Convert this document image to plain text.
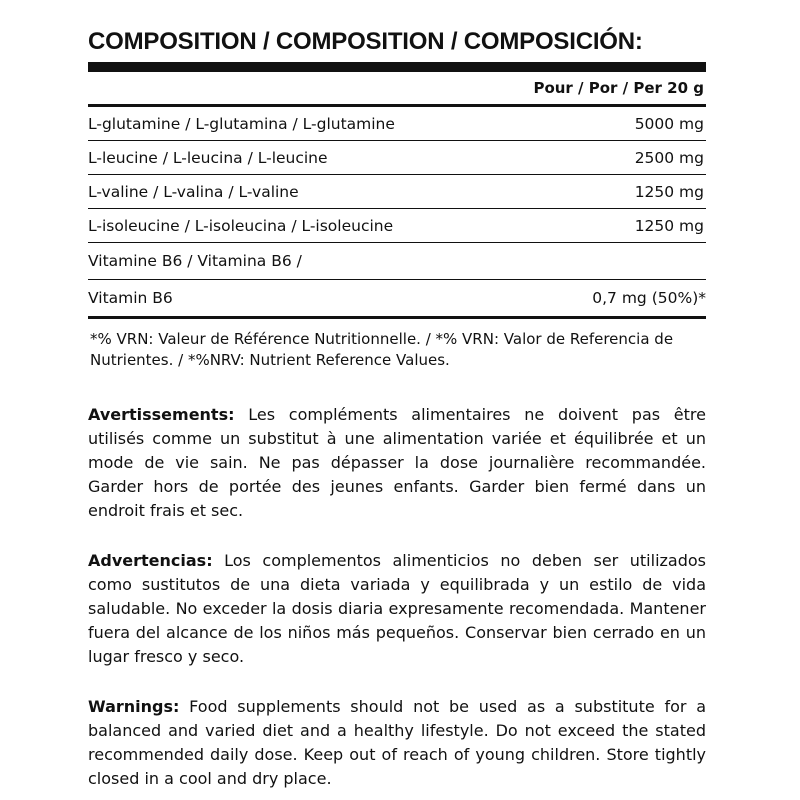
COMPOSITION / COMPOSITION / COMPOSICIÓN:
Pour / Por / Per 20 g
L-glutamine / L-glutamina / L-glutamine	5000 mg
L-leucine / L-leucina / L-leucine	2500 mg
L-valine / L-valina / L-valine	1250 mg
L-isoleucine / L-isoleucina / L-isoleucine	1250 mg
Vitamine B6 / Vitamina B6 /
Vitamin B6	0,7 mg (50%)*
*% VRN: Valeur de Référence Nutritionnelle. / *% VRN: Valor de Referencia de Nutrientes. / *%NRV: Nutrient Reference Values.

Avertissements: Les compléments alimentaires ne doivent pas être utilisés comme un substitut à une alimentation variée et équilibrée et un mode de vie sain. Ne pas dépasser la dose journalière recommandée. Garder hors de portée des jeunes enfants. Garder bien fermé dans un endroit frais et sec.

Advertencias: Los complementos alimenticios no deben ser utilizados como sustitutos de una dieta variada y equilibrada y un estilo de vida saludable. No exceder la dosis diaria expresamente recomendada. Mantener fuera del alcance de los niños más pequeños. Conservar bien cerrado en un lugar fresco y seco.

Warnings: Food supplements should not be used as a substitute for a balanced and varied diet and a healthy lifestyle. Do not exceed the stated recommended daily dose. Keep out of reach of young children. Store tightly closed in a cool and dry place.
